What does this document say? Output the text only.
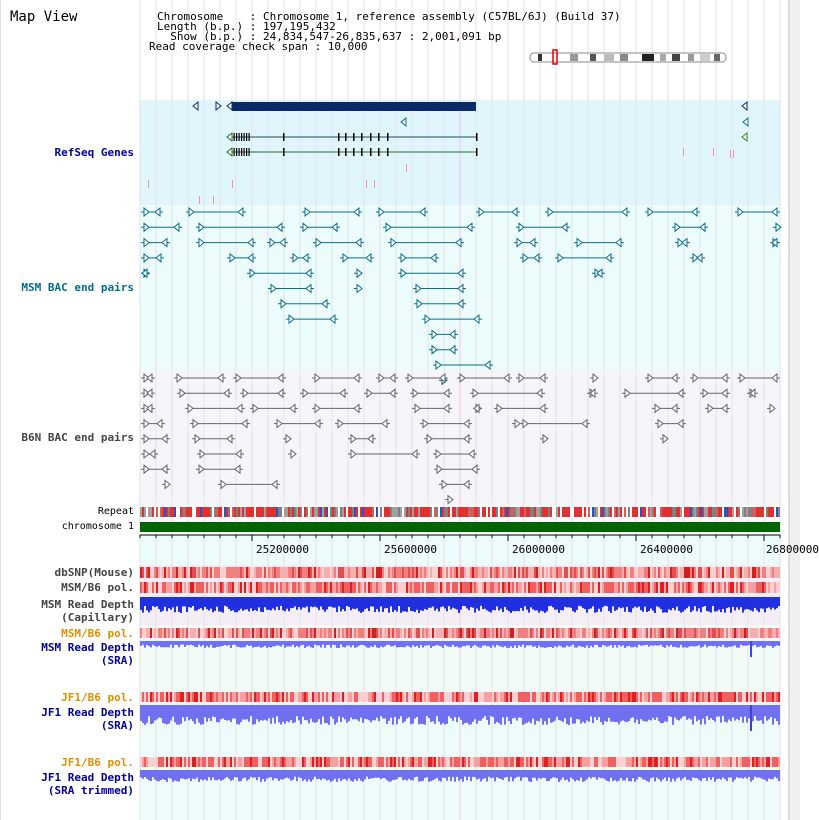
Map View	Chromosome    : Chromosome 1, reference assembly (C57BL/6J) (Build 37)
Length (b.p.) : 197,195,432
Show (b.p.) : 24,834,547-26,835,637 : 2,001,091 bp
Read coverage check span : 10,000
RefSeq Genes
MSM BAC end pairs
B6N BAC end pairs
Repeat
chromosome 1
dbSNP(Mouse)
MSM/B6 pol.
MSM Read Depth
(Capillary)
MSM/B6 pol.
MSM Read Depth
(SRA)
JF1/B6 pol.
JF1 Read Depth
(SRA)
JF1/B6 pol.
JF1 Read Depth
(SRA trimmed)
25200000	25600000	26000000	26400000	26800000
